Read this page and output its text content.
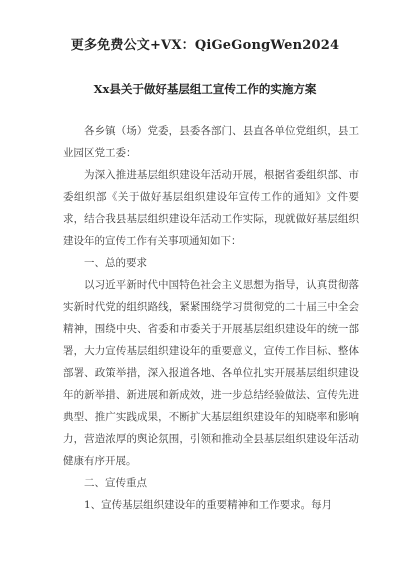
更多免费公文+VX：QiGeGongWen2024
Xx县关于做好基层组工宣传工作的实施方案

各乡镇（场）党委，县委各部门、县直各单位党组织，县工业园区党工委：

为深入推进基层组织建设年活动开展，根据省委组织部、市委组织部《关于做好基层组织建设年宣传工作的通知》文件要求，结合我县基层组织建设年活动工作实际，现就做好基层组织建设年的宣传工作有关事项通知如下：

一、总的要求

以习近平新时代中国特色社会主义思想为指导，认真贯彻落实新时代党的组织路线，紧紧围绕学习贯彻党的二十届三中全会精神，围绕中央、省委和市委关于开展基层组织建设年的统一部署，大力宣传基层组织建设年的重要意义，宣传工作目标、整体部署、政策举措，深入报道各地、各单位扎实开展基层组织建设年的新举措、新进展和新成效，进一步总结经验做法、宣传先进典型、推广实践成果，不断扩大基层组织建设年的知晓率和影响力，营造浓厚的舆论氛围，引领和推动全县基层组织建设年活动健康有序开展。

二、宣传重点

1、宣传基层组织建设年的重要精神和工作要求。每月
